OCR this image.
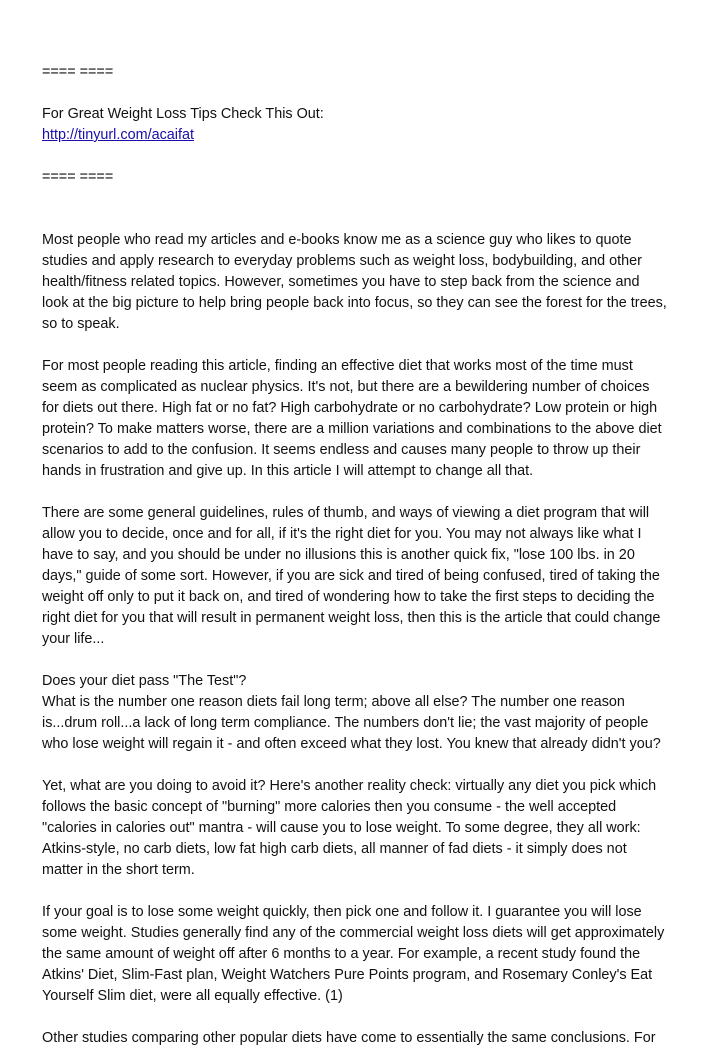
==== ====
For Great Weight Loss Tips Check This Out:
http://tinyurl.com/acaifat
==== ====
Most people who read my articles and e-books know me as a science guy who likes to quote
studies and apply research to everyday problems such as weight loss, bodybuilding, and other
health/fitness related topics. However, sometimes you have to step back from the science and
look at the big picture to help bring people back into focus, so they can see the forest for the trees,
so to speak.
For most people reading this article, finding an effective diet that works most of the time must
seem as complicated as nuclear physics. It's not, but there are a bewildering number of choices
for diets out there. High fat or no fat? High carbohydrate or no carbohydrate? Low protein or high
protein? To make matters worse, there are a million variations and combinations to the above diet
scenarios to add to the confusion. It seems endless and causes many people to throw up their
hands in frustration and give up. In this article I will attempt to change all that.
There are some general guidelines, rules of thumb, and ways of viewing a diet program that will
allow you to decide, once and for all, if it's the right diet for you. You may not always like what I
have to say, and you should be under no illusions this is another quick fix, "lose 100 lbs. in 20
days," guide of some sort. However, if you are sick and tired of being confused, tired of taking the
weight off only to put it back on, and tired of wondering how to take the first steps to deciding the
right diet for you that will result in permanent weight loss, then this is the article that could change
your life...
Does your diet pass "The Test"?
What is the number one reason diets fail long term; above all else? The number one reason
is...drum roll...a lack of long term compliance. The numbers don't lie; the vast majority of people
who lose weight will regain it - and often exceed what they lost. You knew that already didn't you?
Yet, what are you doing to avoid it? Here's another reality check: virtually any diet you pick which
follows the basic concept of "burning" more calories then you consume - the well accepted
"calories in calories out" mantra - will cause you to lose weight. To some degree, they all work:
Atkins-style, no carb diets, low fat high carb diets, all manner of fad diets - it simply does not
matter in the short term.
If your goal is to lose some weight quickly, then pick one and follow it. I guarantee you will lose
some weight. Studies generally find any of the commercial weight loss diets will get approximately
the same amount of weight off after 6 months to a year. For example, a recent study found the
Atkins' Diet, Slim-Fast plan, Weight Watchers Pure Points program, and Rosemary Conley's Eat
Yourself Slim diet, were all equally effective. (1)
Other studies comparing other popular diets have come to essentially the same conclusions. For
